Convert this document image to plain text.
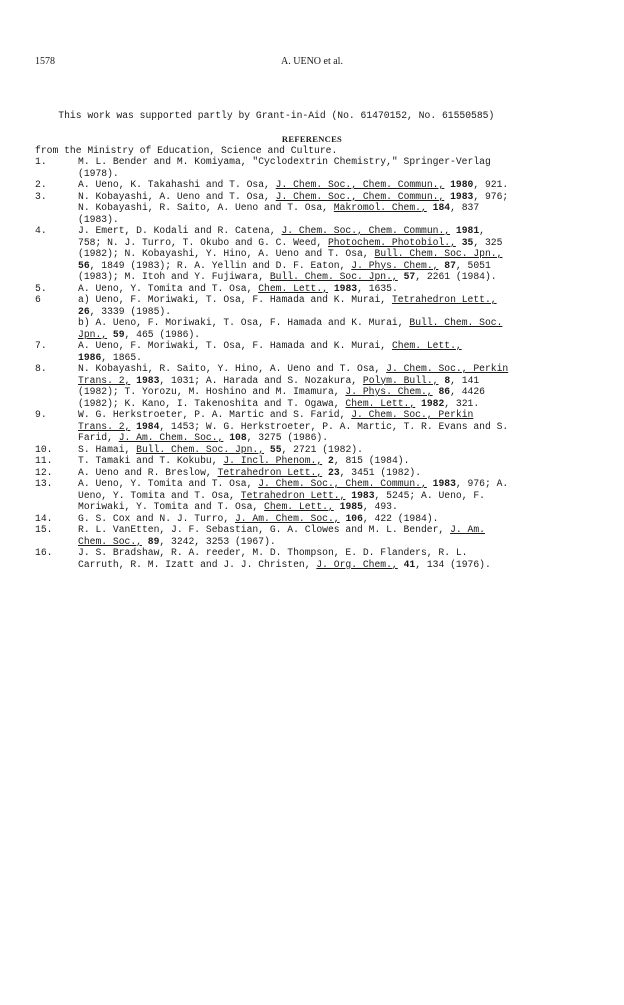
1578	A. UENO et al.

This work was supported partly by Grant-in-Aid (No. 61470152, No. 61550585)

from the Ministry of Education, Science and Culture.

REFERENCES
1.	M. L. Bender and M. Komiyama, "Cyclodextrin Chemistry," Springer-Verlag
(1978).
2.	A. Ueno, K. Takahashi and T. Osa, J. Chem. Soc., Chem. Commun., 1980, 921.
3.	N. Kobayashi, A. Ueno and T. Osa, J. Chem. Soc., Chem. Commun., 1983, 976;
N. Kobayashi, R. Saito, A. Ueno and T. Osa, Makromol. Chem., 184, 837
(1983).
4.	J. Emert, D. Kodali and R. Catena, J. Chem. Soc., Chem. Commun., 1981,
758; N. J. Turro, T. Okubo and G. C. Weed, Photochem. Photobiol., 35, 325
(1982); N. Kobayashi, Y. Hino, A. Ueno and T. Osa, Bull. Chem. Soc. Jpn.,
56, 1849 (1983); R. A. Yellin and D. F. Eaton, J. Phys. Chem., 87, 5051
(1983); M. Itoh and Y. Fujiwara, Bull. Chem. Soc. Jpn., 57, 2261 (1984).
5.	A. Ueno, Y. Tomita and T. Osa, Chem. Lett., 1983, 1635.
6	a) Ueno, F. Moriwaki, T. Osa, F. Hamada and K. Murai, Tetrahedron Lett.,
26, 3339 (1985).
b) A. Ueno, F. Moriwaki, T. Osa, F. Hamada and K. Murai, Bull. Chem. Soc.
Jpn., 59, 465 (1986).
7.	A. Ueno, F. Moriwaki, T. Osa, F. Hamada and K. Murai, Chem. Lett.,
1986, 1865.
8.	N. Kobayashi, R. Saito, Y. Hino, A. Ueno and T. Osa, J. Chem. Soc., Perkin
Trans. 2, 1983, 1031; A. Harada and S. Nozakura, Polym. Bull., 8, 141
(1982); T. Yorozu, M. Hoshino and M. Imamura, J. Phys. Chem., 86, 4426
(1982); K. Kano, I. Takenoshita and T. Ogawa, Chem. Lett., 1982, 321.
9.	W. G. Herkstroeter, P. A. Martic and S. Farid, J. Chem. Soc., Perkin
Trans. 2, 1984, 1453; W. G. Herkstroeter, P. A. Martic, T. R. Evans and S.
Farid, J. Am. Chem. Soc., 108, 3275 (1986).
10.	S. Hamai, Bull. Chem. Soc. Jpn., 55, 2721 (1982).
11.	T. Tamaki and T. Kokubu, J. Incl. Phenom., 2, 815 (1984).
12.	A. Ueno and R. Breslow, Tetrahedron Lett., 23, 3451 (1982).
13.	A. Ueno, Y. Tomita and T. Osa, J. Chem. Soc., Chem. Commun., 1983, 976; A.
Ueno, Y. Tomita and T. Osa, Tetrahedron Lett., 1983, 5245; A. Ueno, F.
Moriwaki, Y. Tomita and T. Osa, Chem. Lett., 1985, 493.
14.	G. S. Cox and N. J. Turro, J. Am. Chem. Soc., 106, 422 (1984).
15.	R. L. VanEtten, J. F. Sebastian, G. A. Clowes and M. L. Bender, J. Am.
Chem. Soc., 89, 3242, 3253 (1967).
16.	J. S. Bradshaw, R. A. reeder, M. D. Thompson, E. D. Flanders, R. L.
Carruth, R. M. Izatt and J. J. Christen, J. Org. Chem., 41, 134 (1976).
